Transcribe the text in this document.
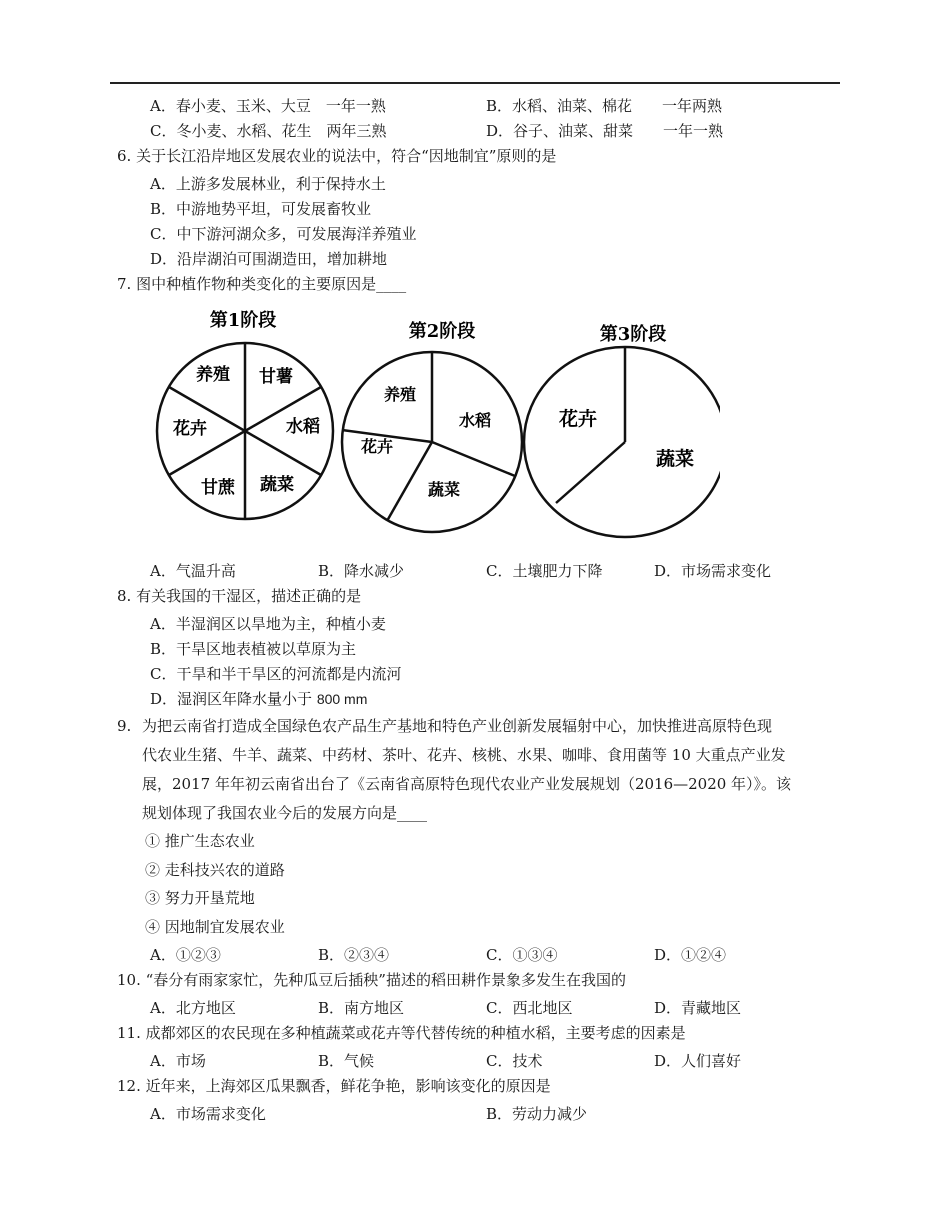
A．春小麦、玉米、大豆　一年一熟	B．水稻、油菜、棉花　　一年两熟
C．冬小麦、水稻、花生　两年三熟	D．谷子、油菜、甜菜　　一年一熟
6. 关于长江沿岸地区发展农业的说法中，符合“因地制宜”原则的是
A．上游多发展林业，利于保持水土
B．中游地势平坦，可发展畜牧业
C．中下游河湖众多，可发展海洋养殖业
D．沿岸湖泊可围湖造田，增加耕地
7. 图中种植作物种类变化的主要原因是____
第1阶段
甘薯
水稻
蔬菜
甘蔗
花卉
养殖
第2阶段
水稻
蔬菜
花卉
养殖
第3阶段
蔬菜
花卉
A．气温升高	B．降水减少	C．土壤肥力下降	D．市场需求变化
8. 有关我国的干湿区，描述正确的是
A．半湿润区以旱地为主，种植小麦
B．干旱区地表植被以草原为主
C．干旱和半干旱区的河流都是内流河
D．湿润区年降水量小于 800 mm
9. 为把云南省打造成全国绿色农产品生产基地和特色产业创新发展辐射中心，加快推进高原特色现
代农业生猪、牛羊、蔬菜、中药材、茶叶、花卉、核桃、水果、咖啡、食用菌等 10 大重点产业发
展，2017 年年初云南省出台了《云南省高原特色现代农业产业发展规划（2016—2020 年）》。该
规划体现了我国农业今后的发展方向是____
① 推广生态农业
② 走科技兴农的道路
③ 努力开垦荒地
④ 因地制宜发展农业
A．①②③	B．②③④	C．①③④	D．①②④
10. “春分有雨家家忙，先种瓜豆后插秧”描述的稻田耕作景象多发生在我国的
A．北方地区	B．南方地区	C．西北地区	D．青藏地区
11. 成都郊区的农民现在多种植蔬菜或花卉等代替传统的种植水稻，主要考虑的因素是
A．市场	B．气候	C．技术	D．人们喜好
12. 近年来，上海郊区瓜果飘香，鲜花争艳，影响该变化的原因是
A．市场需求变化	B．劳动力减少
